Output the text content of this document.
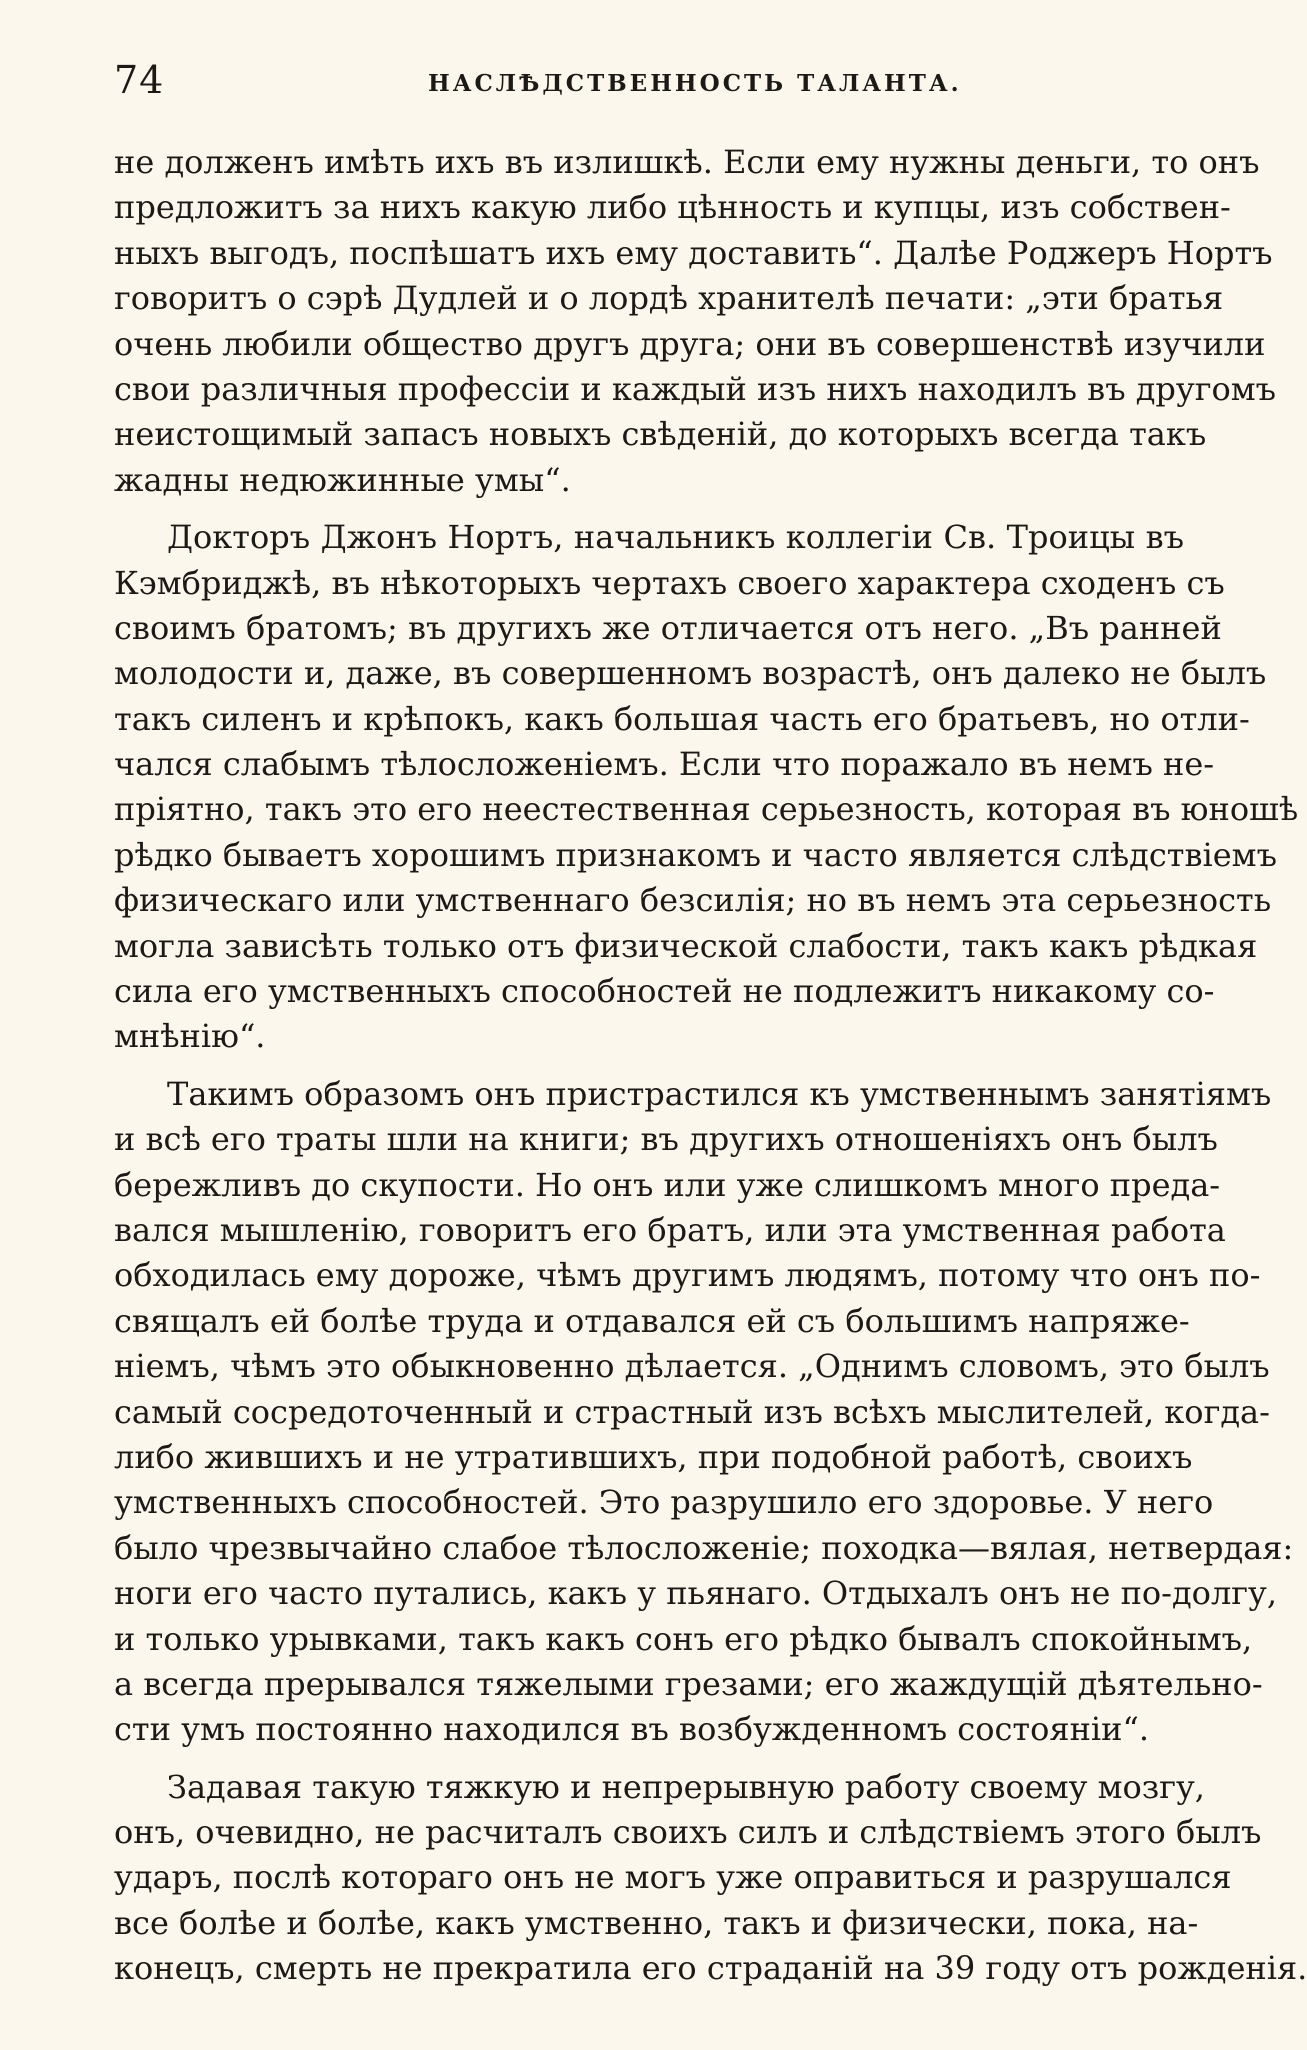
74	НАСЛѢДСТВЕННОСТЬ ТАЛАНТА.
не долженъ имѣть ихъ въ излишкѣ. Если ему нужны деньги, то онъ
предложитъ за нихъ какую либо цѣнность и купцы, изъ собствен-
ныхъ выгодъ, поспѣшатъ ихъ ему доставить“. Далѣе Роджеръ Нортъ
говоритъ о сэрѣ Дудлей и о лордѣ хранителѣ печати: „эти братья
очень любили общество другъ друга; они въ совершенствѣ изучили
свои различныя профессіи и каждый изъ нихъ находилъ въ другомъ
неистощимый запасъ новыхъ свѣденій, до которыхъ всегда такъ
жадны недюжинные умы“.
Докторъ Джонъ Нортъ, начальникъ коллегіи Св. Троицы въ
Кэмбриджѣ, въ нѣкоторыхъ чертахъ своего характера сходенъ съ
своимъ братомъ; въ другихъ же отличается отъ него. „Въ ранней
молодости и, даже, въ совершенномъ возрастѣ, онъ далеко не былъ
такъ силенъ и крѣпокъ, какъ большая часть его братьевъ, но отли-
чался слабымъ тѣлосложеніемъ. Если что поражало въ немъ не-
пріятно, такъ это его неестественная серьезность, которая въ юношѣ
рѣдко бываетъ хорошимъ признакомъ и часто является слѣдствіемъ
физическаго или умственнаго безсилія; но въ немъ эта серьезность
могла зависѣть только отъ физической слабости, такъ какъ рѣдкая
сила его умственныхъ способностей не подлежитъ никакому со-
мнѣнію“.
Такимъ образомъ онъ пристрастился къ умственнымъ занятіямъ
и всѣ его траты шли на книги; въ другихъ отношеніяхъ онъ былъ
бережливъ до скупости. Но онъ или уже слишкомъ много преда-
вался мышленію, говоритъ его братъ, или эта умственная работа
обходилась ему дороже, чѣмъ другимъ людямъ, потому что онъ по-
свящалъ ей болѣе труда и отдавался ей съ большимъ напряже-
ніемъ, чѣмъ это обыкновенно дѣлается. „Однимъ словомъ, это былъ
самый сосредоточенный и страстный изъ всѣхъ мыслителей, когда-
либо жившихъ и не утратившихъ, при подобной работѣ, своихъ
умственныхъ способностей. Это разрушило его здоровье. У него
было чрезвычайно слабое тѣлосложеніе; походка—вялая, нетвердая:
ноги его часто путались, какъ у пьянаго. Отдыхалъ онъ не по-долгу,
и только урывками, такъ какъ сонъ его рѣдко бывалъ спокойнымъ,
а всегда прерывался тяжелыми грезами; его жаждущій дѣятельно-
сти умъ постоянно находился въ возбужденномъ состояніи“.
Задавая такую тяжкую и непрерывную работу своему мозгу,
онъ, очевидно, не расчиталъ своихъ силъ и слѣдствіемъ этого былъ
ударъ, послѣ котораго онъ не могъ уже оправиться и разрушался
все болѣе и болѣе, какъ умственно, такъ и физически, пока, на-
конецъ, смерть не прекратила его страданій на 39 году отъ рожденія.
